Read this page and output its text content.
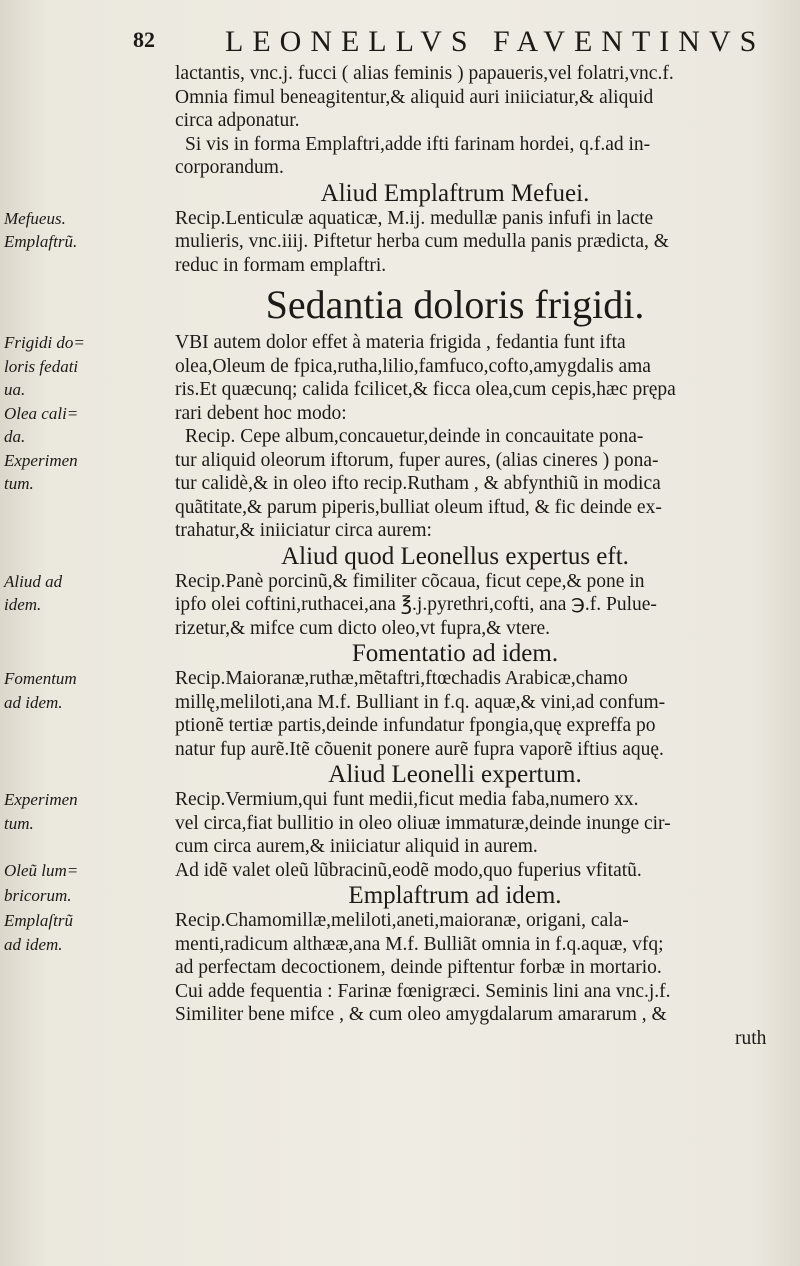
82 LEONELLVS FAVENTINVS
lactantis, vnc.j. fucci ( alias feminis ) papaueris,vel folatri,vnc.f.
Omnia fimul beneagitentur,& aliquid auri iniiciatur,& aliquid
circa adponatur.
Si vis in forma Emplaftri,adde ifti farinam hordei, q.f.ad in-
corporandum.
Aliud Emplaftrum Mefuei.
Mefueus.	Recip.Lenticulæ aquaticæ, M.ij. medullæ panis infufi in lacte
Emplaftrũ.	mulieris, vnc.iiij. Piftetur herba cum medulla panis prædicta, &
reduc in formam emplaftri.
Sedantia doloris frigidi.
Frigidi do=	VBI autem dolor effet à materia frigida , fedantia funt ifta
loris fedati	olea,Oleum de fpica,rutha,lilio,famfuco,cofto,amygdalis ama
ua.	ris.Et quæcunq; calida fcilicet,& ficca olea,cum cepis,hæc prępa
Olea cali=	rari debent hoc modo:
da.	Recip. Cepe album,concauetur,deinde in concauitate pona-
Experimen	tur aliquid oleorum iftorum, fuper aures, (alias cineres ) pona-
tum.	tur calidè,& in oleo ifto recip.Rutham , & abfynthiũ in modica
quãtitate,& parum piperis,bulliat oleum iftud, & fic deinde ex-
trahatur,& iniiciatur circa aurem:
Aliud quod Leonellus expertus eft.
Aliud ad	Recip.Panè porcinũ,& fimiliter cõcaua, ficut cepe,& pone in
idem.	ipfo olei coftini,ruthacei,ana ℥.j.pyrethri,cofti, ana ℈.f. Pulue-
rizetur,& mifce cum dicto oleo,vt fupra,& vtere.
Fomentatio ad idem.
Fomentum	Recip.Maioranæ,ruthæ,mẽtaftri,ftœchadis Arabicæ,chamo
ad idem.	millę,meliloti,ana M.f. Bulliant in f.q. aquæ,& vini,ad confum-
ptionẽ tertiæ partis,deinde infundatur fpongia,quę expreffa po
natur fup aurẽ.Itẽ cõuenit ponere aurẽ fupra vaporẽ iftius aquę.
Aliud Leonelli expertum.
Experimen	Recip.Vermium,qui funt medii,ficut media faba,numero xx.
tum.	vel circa,fiat bullitio in oleo oliuæ immaturæ,deinde inunge cir-
cum circa aurem,& iniiciatur aliquid in aurem.
Oleũ lum=	Ad idẽ valet oleũ lũbracinũ,eodẽ modo,quo fuperius vfitatũ.
bricorum.	Emplaftrum ad idem.
Emplaſtrũ	Recip.Chamomillæ,meliloti,aneti,maioranæ, origani, cala-
ad idem.	menti,radicum althææ,ana M.f. Bulliãt omnia in f.q.aquæ, vfq;
ad perfectam decoctionem, deinde piftentur forbæ in mortario.
Cui adde fequentia : Farinæ fœnigræci. Seminis lini ana vnc.j.f.
Similiter bene mifce , & cum oleo amygdalarum amararum , &
ruth
